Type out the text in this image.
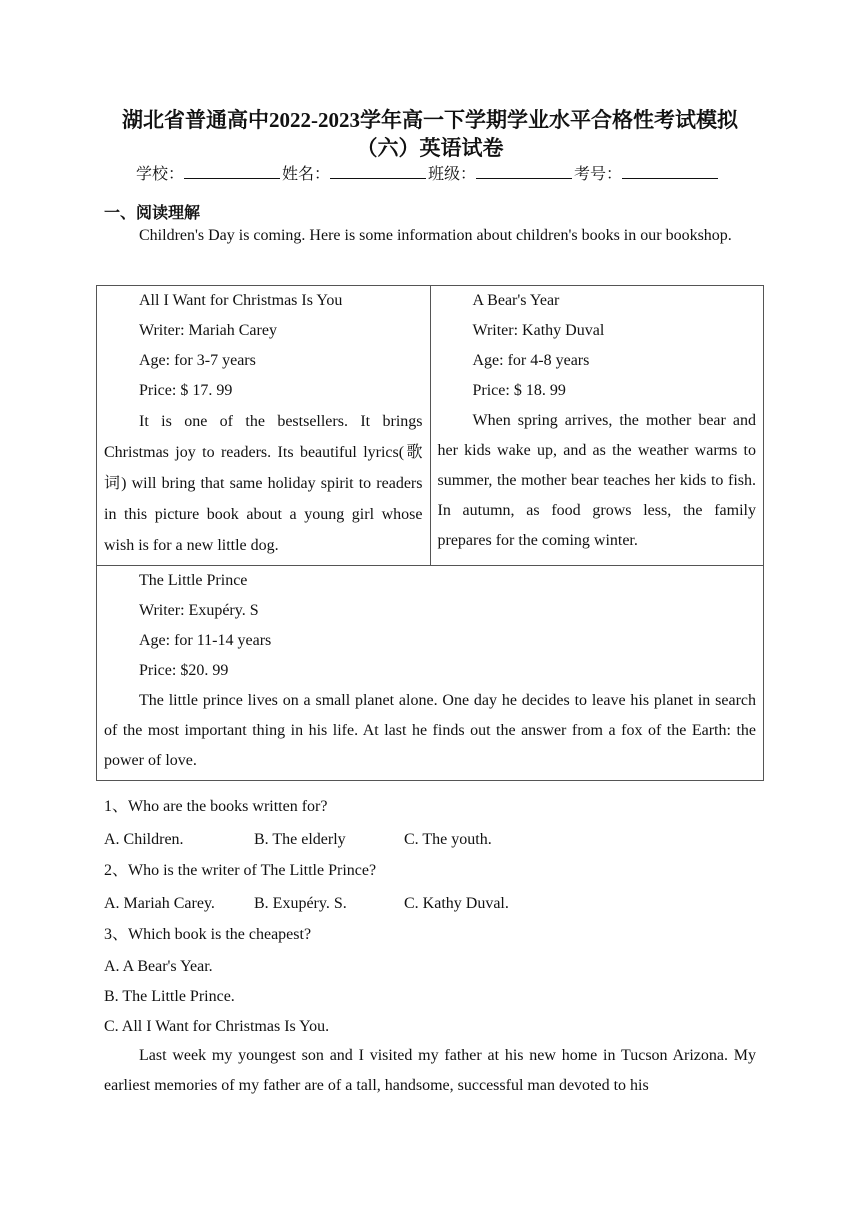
湖北省普通高中2022-2023学年高一下学期学业水平合格性考试模拟（六）英语试卷
学校：	姓名：	班级：	考号：
一、阅读理解

Children's Day is coming. Here is some information about children's books in our bookshop.

All I Want for Christmas Is You
Writer: Mariah Carey
Age: for 3-7 years
Price: $ 17. 99
It is one of the bestsellers. It brings Christmas joy to readers. Its beautiful lyrics(歌 词) will bring that same holiday spirit to readers in this picture book about a young girl whose wish is for a new little dog.

A Bear's Year
Writer: Kathy Duval
Age: for 4-8 years
Price: $ 18. 99
When spring arrives, the mother bear and her kids wake up, and as the weather warms to summer, the mother bear teaches her kids to fish. In autumn, as food grows less, the family prepares for the coming winter.

The Little Prince
Writer: Exupéry. S
Age: for 11-14 years
Price: $20. 99
The little prince lives on a small planet alone. One day he decides to leave his planet in search of the most important thing in his life. At last he finds out the answer from a fox of the Earth: the power of love.
1、Who are the books written for?
A. Children.	B. The elderly	C. The youth.
2、Who is the writer of The Little Prince?
A. Mariah Carey. B. Exupéry. S.	C. Kathy Duval.
3、Which book is the cheapest?
A. A Bear's Year.
B. The Little Prince.
C. All I Want for Christmas Is You.

Last week my youngest son and I visited my father at his new home in Tucson Arizona. My earliest memories of my father are of a tall, handsome, successful man devoted to his
